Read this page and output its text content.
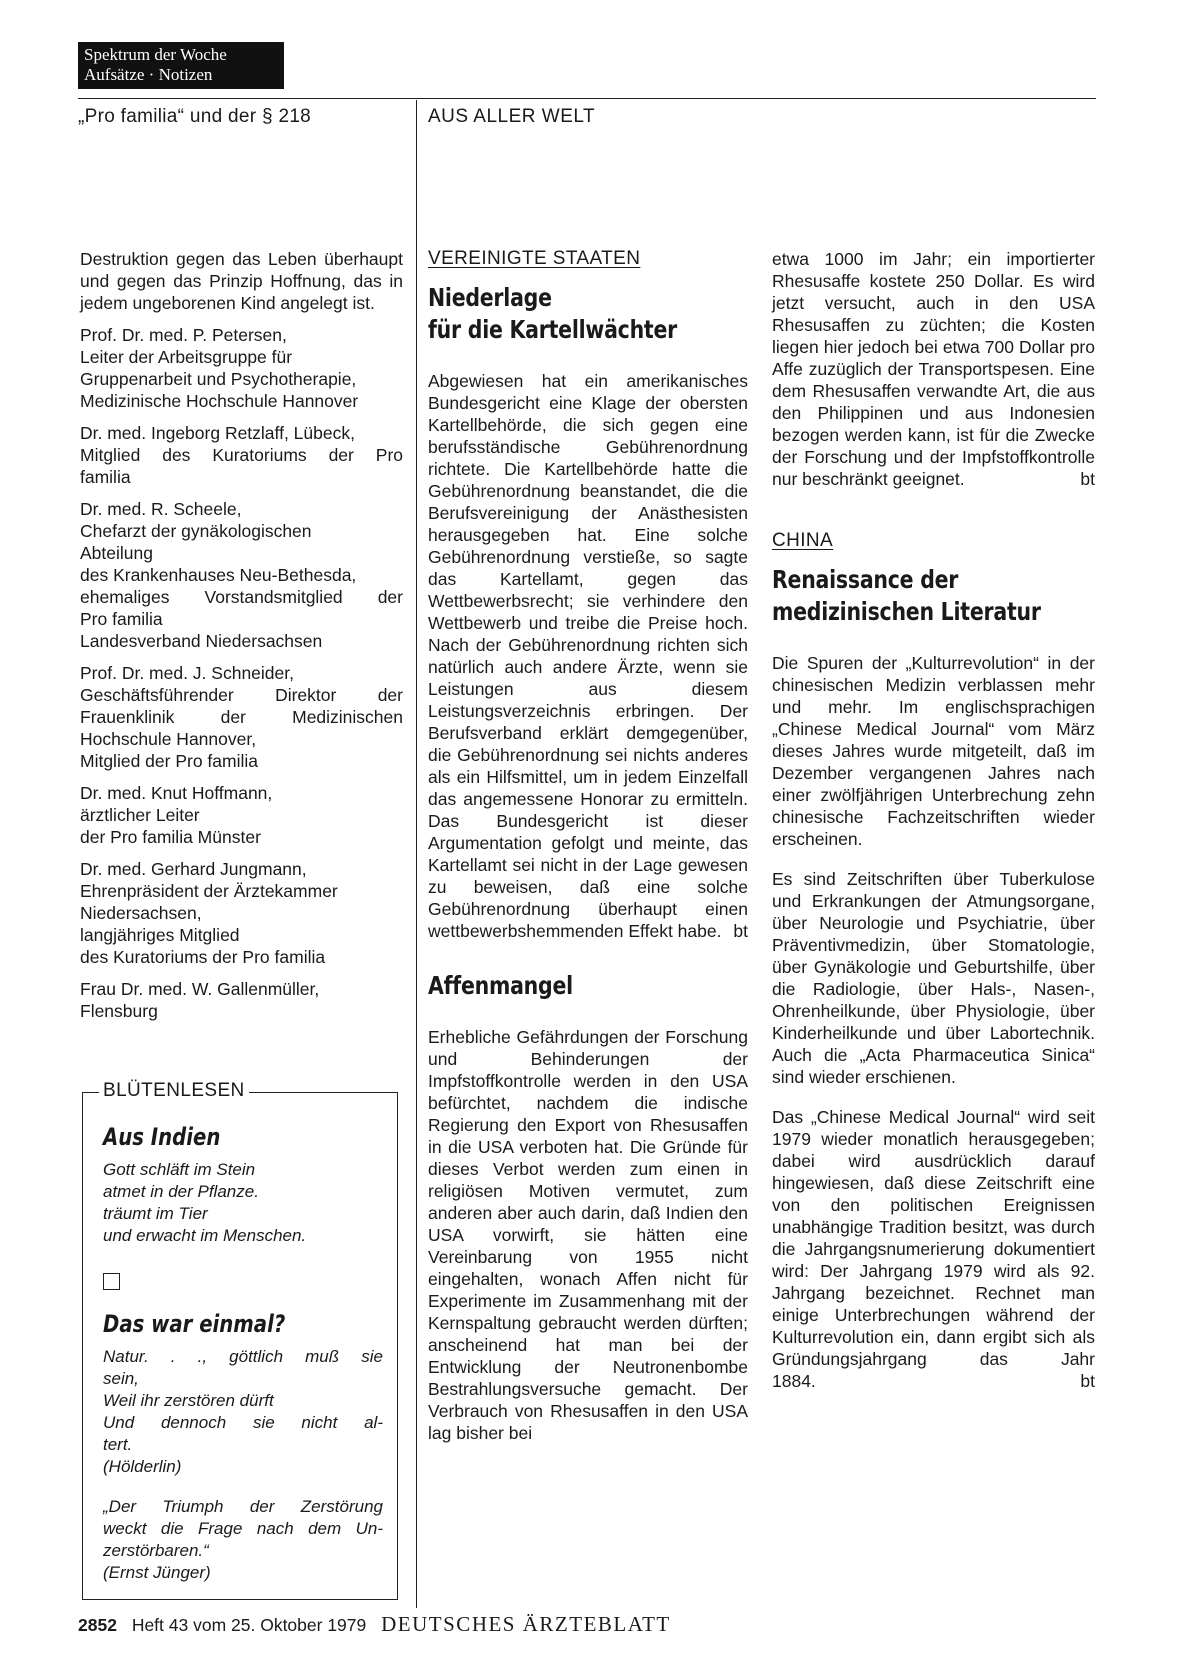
Spektrum der Woche
Aufsätze · Notizen
„Pro familia“ und der § 218	AUS ALLER WELT

Destruktion gegen das Leben überhaupt und gegen das Prinzip Hoffnung, das in jedem ungeborenen Kind angelegt ist.

Prof. Dr. med. P. Petersen,
Leiter der Arbeitsgruppe für
Gruppenarbeit und Psychotherapie,
Medizinische Hochschule Hannover
Dr. med. Ingeborg Retzlaff, Lübeck,
Mitglied des Kuratoriums der Pro
familia
Dr. med. R. Scheele,
Chefarzt der gynäkologischen
Abteilung
des Krankenhauses Neu-Bethesda,
ehemaliges Vorstandsmitglied der
Pro familia
Landesverband Niedersachsen
Prof. Dr. med. J. Schneider,
Geschäftsführender Direktor der
Frauenklinik der Medizinischen
Hochschule Hannover,
Mitglied der Pro familia
Dr. med. Knut Hoffmann,
ärztlicher Leiter
der Pro familia Münster
Dr. med. Gerhard Jungmann,
Ehrenpräsident der Ärztekammer
Niedersachsen,
langjähriges Mitglied
des Kuratoriums der Pro familia
Frau Dr. med. W. Gallenmüller,
Flensburg
BLÜTENLESEN

Aus Indien

Gott schläft im Stein
atmet in der Pflanze.
träumt im Tier
und erwacht im Menschen.

Das war einmal?

Natur. . ., göttlich muß sie
sein,
Weil ihr zerstören dürft
Und dennoch sie nicht al-
tert.
(Hölderlin)

„Der Triumph der Zerstörung
weckt die Frage nach dem Un-
zerstörbaren.“
(Ernst Jünger)

VEREINIGTE STAATEN
Niederlage
für die Kartellwächter

Abgewiesen hat ein amerikanisches Bundesgericht eine Klage der obersten Kartellbehörde, die sich gegen eine berufsständische Gebührenordnung richtete. Die Kartellbehörde hatte die Gebührenordnung beanstandet, die die Berufsvereinigung der Anästhesisten herausgegeben hat. Eine solche Gebührenordnung verstieße, so sagte das Kartellamt, gegen das Wettbewerbsrecht; sie verhindere den Wettbewerb und treibe die Preise hoch. Nach der Gebührenordnung richten sich natürlich auch andere Ärzte, wenn sie Leistungen aus diesem Leistungsverzeichnis erbringen. Der Berufsverband erklärt demgegenüber, die Gebührenordnung sei nichts anderes als ein Hilfsmittel, um in jedem Einzelfall das angemessene Honorar zu ermitteln. Das Bundesgericht ist dieser Argumentation gefolgt und meinte, das Kartellamt sei nicht in der Lage gewesen zu beweisen, daß eine solche Gebührenordnung überhaupt einen wettbewerbshemmenden Effekt habe. bt
Affenmangel

Erhebliche Gefährdungen der Forschung und Behinderungen der Impfstoffkontrolle werden in den USA befürchtet, nachdem die indische Regierung den Export von Rhesusaffen in die USA verboten hat. Die Gründe für dieses Verbot werden zum einen in religiösen Motiven vermutet, zum anderen aber auch darin, daß Indien den USA vorwirft, sie hätten eine Vereinbarung von 1955 nicht eingehalten, wonach Affen nicht für Experimente im Zusammenhang mit der Kernspaltung gebraucht werden dürften; anscheinend hat man bei der Entwicklung der Neutronenbombe Bestrahlungsversuche gemacht. Der Verbrauch von Rhesusaffen in den USA lag bisher bei

etwa 1000 im Jahr; ein importierter Rhesusaffe kostete 250 Dollar. Es wird jetzt versucht, auch in den USA Rhesusaffen zu züchten; die Kosten liegen hier jedoch bei etwa 700 Dollar pro Affe zuzüglich der Transportspesen. Eine dem Rhesusaffen verwandte Art, die aus den Philippinen und aus Indonesien bezogen werden kann, ist für die Zwecke der Forschung und der Impfstoffkontrolle nur beschränkt geeignet.	bt
CHINA
Renaissance der
medizinischen Literatur

Die Spuren der „Kulturrevolution“ in der chinesischen Medizin verblassen mehr und mehr. Im englischsprachigen „Chinese Medical Journal“ vom März dieses Jahres wurde mitgeteilt, daß im Dezember vergangenen Jahres nach einer zwölfjährigen Unterbrechung zehn chinesische Fachzeitschriften wieder erscheinen.

Es sind Zeitschriften über Tuberkulose und Erkrankungen der Atmungsorgane, über Neurologie und Psychiatrie, über Präventivmedizin, über Stomatologie, über Gynäkologie und Geburtshilfe, über die Radiologie, über Hals-, Nasen-, Ohrenheilkunde, über Physiologie, über Kinderheilkunde und über Labortechnik. Auch die „Acta Pharmaceutica Sinica“ sind wieder erschienen.

Das „Chinese Medical Journal“ wird seit 1979 wieder monatlich herausgegeben; dabei wird ausdrücklich darauf hingewiesen, daß diese Zeitschrift eine von den politischen Ereignissen unabhängige Tradition besitzt, was durch die Jahrgangsnumerierung dokumentiert wird: Der Jahrgang 1979 wird als 92. Jahrgang bezeichnet. Rechnet man einige Unterbrechungen während der Kulturrevolution ein, dann ergibt sich als Gründungsjahrgang das Jahr

1884.	bt
2852 Heft 43 vom 25. Oktober 1979 DEUTSCHES ÄRZTEBLATT
